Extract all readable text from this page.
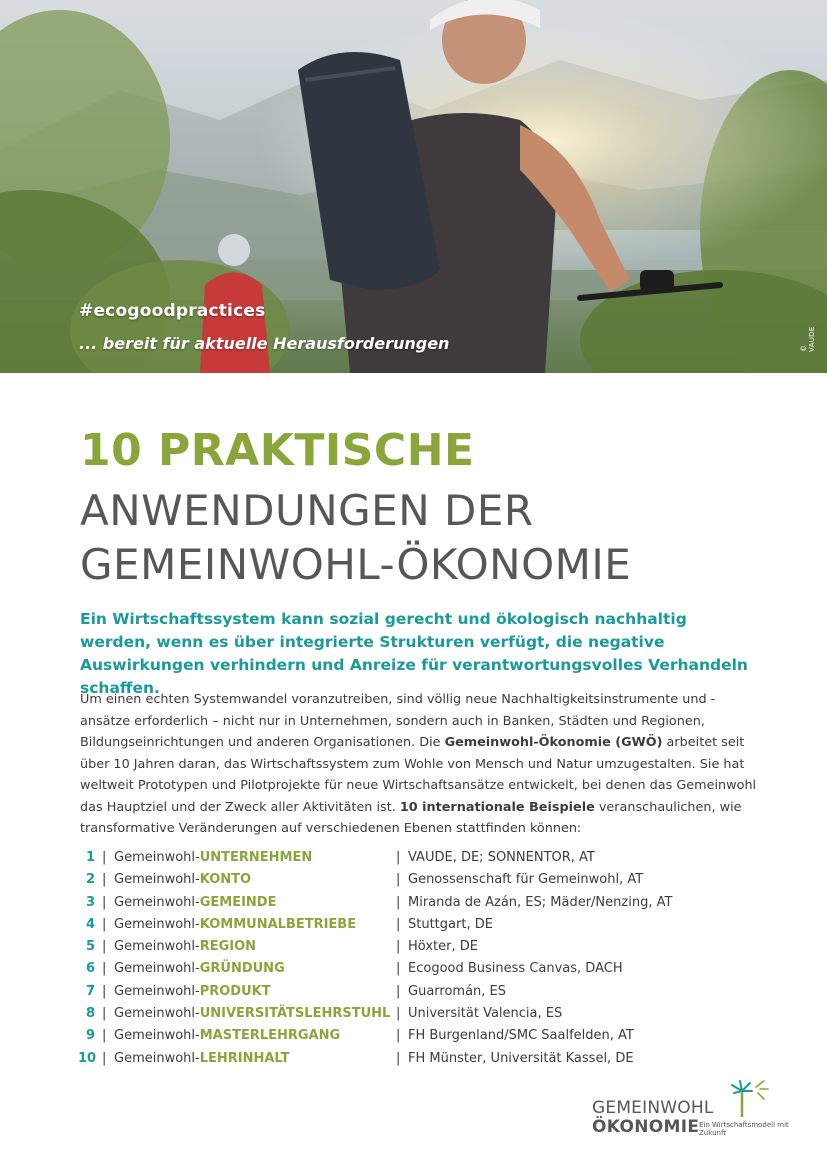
#ecogoodpractices
... bereit für aktuelle Herausforderungen	© VAUDE
10 PRAKTISCHE
ANWENDUNGEN DER
GEMEINWOHL-ÖKONOMIE
Ein Wirtschaftssystem kann sozial gerecht und ökologisch nachhaltig werden, wenn es über integrierte Strukturen verfügt, die negative Auswirkungen verhindern und Anreize für verantwortungsvolles Verhandeln schaffen.
Um einen echten Systemwandel voranzutreiben, sind völlig neue Nachhaltigkeitsinstrumente und -ansätze erforderlich – nicht nur in Unternehmen, sondern auch in Banken, Städten und Regionen, Bildungseinrichtungen und anderen Organisationen. Die Gemeinwohl-Ökonomie (GWÖ) arbeitet seit über 10 Jahren daran, das Wirtschaftssystem zum Wohle von Mensch und Natur umzugestalten. Sie hat weltweit Prototypen und Pilotprojekte für neue Wirtschaftsansätze entwickelt, bei denen das Gemeinwohl das Hauptziel und der Zweck aller Aktivitäten ist. 10 internationale Beispiele veranschaulichen, wie transformative Veränderungen auf verschiedenen Ebenen stattfinden können:
1 | Gemeinwohl-UNTERNEHMEN	| VAUDE, DE; SONNENTOR, AT
2 | Gemeinwohl-KONTO	| Genossenschaft für Gemeinwohl, AT
3 | Gemeinwohl-GEMEINDE	| Miranda de Azán, ES; Mäder/Nenzing, AT
4 | Gemeinwohl-KOMMUNALBETRIEBE	| Stuttgart, DE
5 | Gemeinwohl-REGION	| Höxter, DE
6 | Gemeinwohl-GRÜNDUNG	| Ecogood Business Canvas, DACH
7 | Gemeinwohl-PRODUKT	| Guarromán, ES
8 | Gemeinwohl-UNIVERSITÄTSLEHRSTUHL | Universität Valencia, ES
9 | Gemeinwohl-MASTERLEHRGANG	| FH Burgenland/SMC Saalfelden, AT
10 | Gemeinwohl-LEHRINHALT	| FH Münster, Universität Kassel, DE
GEMEINWOHL
ÖKONOMIE Ein Wirtschaftsmodell mit Zukunft
